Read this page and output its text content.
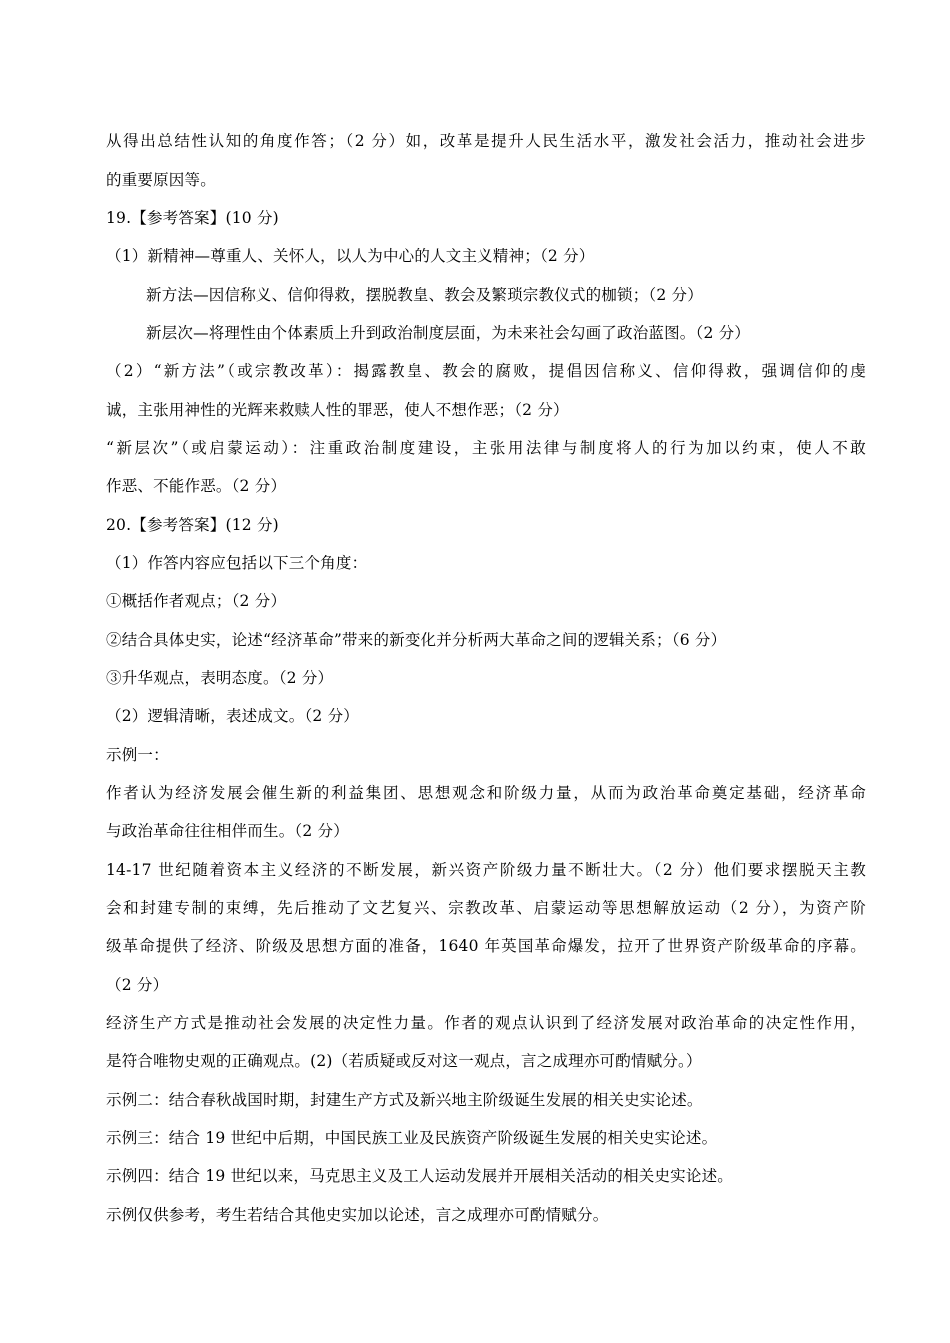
从得出总结性认知的角度作答；（2 分）如，改革是提升人民生活水平，激发社会活力，推动社会进步
的重要原因等。
19.【参考答案】(10 分)
（1）新精神—尊重人、关怀人，以人为中心的人文主义精神；（2 分）
新方法—因信称义、信仰得救，摆脱教皇、教会及繁琐宗教仪式的枷锁；（2 分）
新层次—将理性由个体素质上升到政治制度层面，为未来社会勾画了政治蓝图。（2 分）
（2）“新方法”（或宗教改革）：揭露教皇、教会的腐败，提倡因信称义、信仰得救，强调信仰的虔
诚，主张用神性的光辉来救赎人性的罪恶，使人不想作恶；（2 分）
“新层次”（或启蒙运动）：注重政治制度建设，主张用法律与制度将人的行为加以约束，使人不敢
作恶、不能作恶。（2 分）
20.【参考答案】(12 分)
（1）作答内容应包括以下三个角度：
①概括作者观点；（2 分）
②结合具体史实，论述“经济革命”带来的新变化并分析两大革命之间的逻辑关系；（6 分）
③升华观点，表明态度。（2 分）
（2）逻辑清晰，表述成文。（2 分）
示例一：
作者认为经济发展会催生新的利益集团、思想观念和阶级力量，从而为政治革命奠定基础，经济革命
与政治革命往往相伴而生。（2 分）
14-17 世纪随着资本主义经济的不断发展，新兴资产阶级力量不断壮大。（2 分）他们要求摆脱天主教
会和封建专制的束缚，先后推动了文艺复兴、宗教改革、启蒙运动等思想解放运动（2 分），为资产阶
级革命提供了经济、阶级及思想方面的准备，1640 年英国革命爆发，拉开了世界资产阶级革命的序幕。
（2 分）
经济生产方式是推动社会发展的决定性力量。作者的观点认识到了经济发展对政治革命的决定性作用，
是符合唯物史观的正确观点。(2)（若质疑或反对这一观点，言之成理亦可酌情赋分。）
示例二：结合春秋战国时期，封建生产方式及新兴地主阶级诞生发展的相关史实论述。
示例三：结合 19 世纪中后期，中国民族工业及民族资产阶级诞生发展的相关史实论述。
示例四：结合 19 世纪以来，马克思主义及工人运动发展并开展相关活动的相关史实论述。
示例仅供参考，考生若结合其他史实加以论述，言之成理亦可酌情赋分。
